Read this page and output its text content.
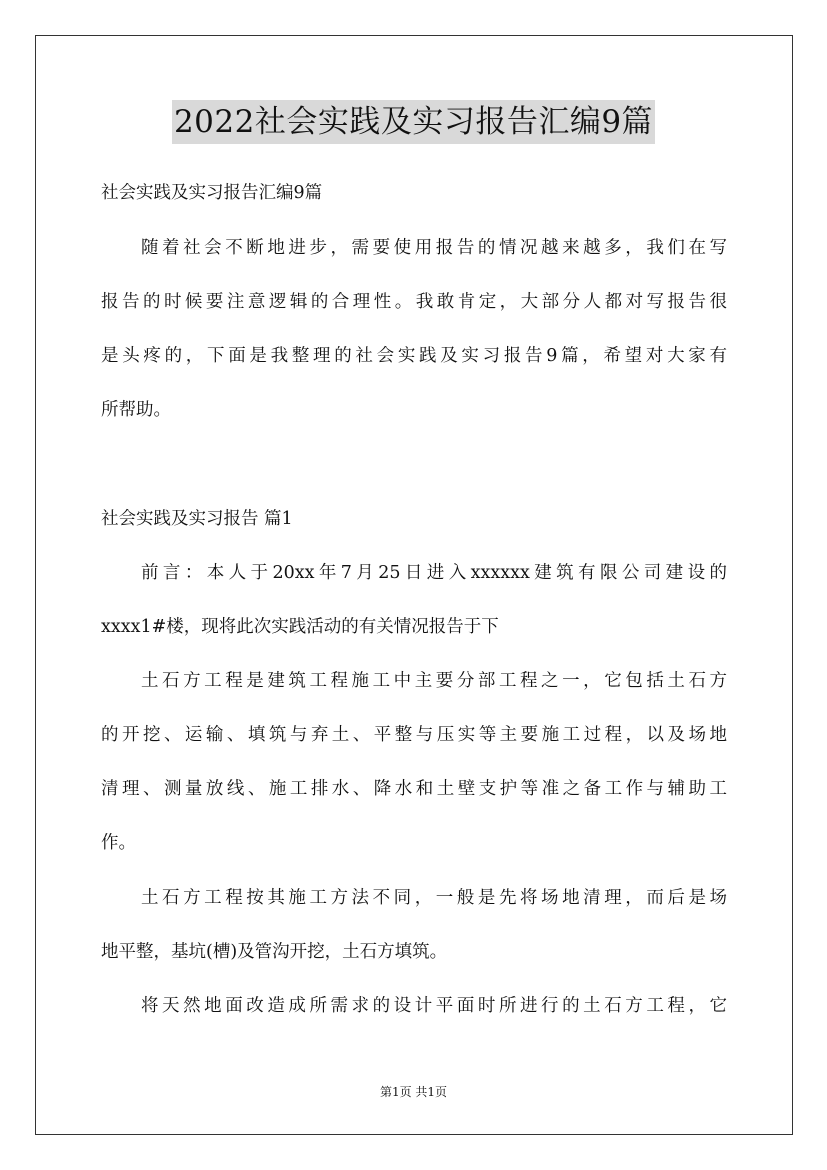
2022社会实践及实习报告汇编9篇
社会实践及实习报告汇编9篇
随着社会不断地进步，需要使用报告的情况越来越多，我们在写
报告的时候要注意逻辑的合理性。我敢肯定，大部分人都对写报告很
是头疼的，下面是我整理的社会实践及实习报告9篇，希望对大家有
所帮助。
社会实践及实习报告 篇1
前言：本人于20xx年7月25日进入xxxxxx建筑有限公司建设的
xxxx1#楼，现将此次实践活动的有关情况报告于下
土石方工程是建筑工程施工中主要分部工程之一，它包括土石方
的开挖、运输、填筑与弃土、平整与压实等主要施工过程，以及场地
清理、测量放线、施工排水、降水和土壁支护等准之备工作与辅助工
作。
土石方工程按其施工方法不同，一般是先将场地清理，而后是场
地平整，基坑(槽)及管沟开挖，土石方填筑。
将天然地面改造成所需求的设计平面时所进行的土石方工程，它
第1页 共1页
